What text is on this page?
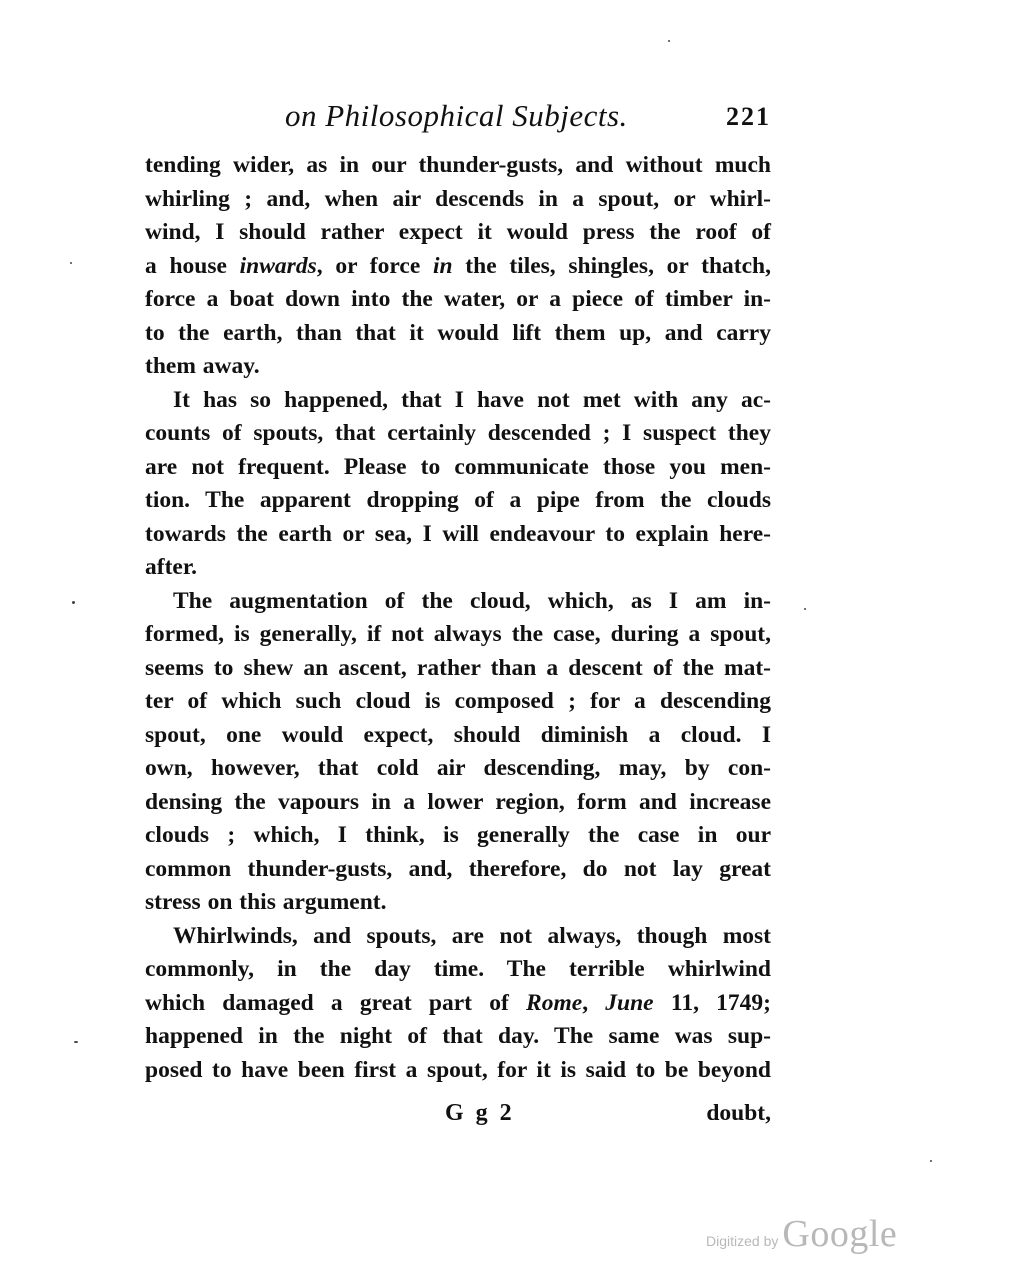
on Philosophical Subjects.	221
tending wider, as in our thunder-gusts, and without much
whirling ; and, when air descends in a spout, or whirl-
wind, I should rather expect it would press the roof of
a house inwards, or force in the tiles, shingles, or thatch,
force a boat down into the water, or a piece of timber in-
to the earth, than that it would lift them up, and carry
them away.
It has so happened, that I have not met with any ac-
counts of spouts, that certainly descended ; I suspect they
are not frequent. Please to communicate those you men-
tion. The apparent dropping of a pipe from the clouds
towards the earth or sea, I will endeavour to explain here-
after.
The augmentation of the cloud, which, as I am in-
formed, is generally, if not always the case, during a spout,
seems to shew an ascent, rather than a descent of the mat-
ter of which such cloud is composed ; for a descending
spout, one would expect, should diminish a cloud. I
own, however, that cold air descending, may, by con-
densing the vapours in a lower region, form and increase
clouds ; which, I think, is generally the case in our
common thunder-gusts, and, therefore, do not lay great
stress on this argument.
Whirlwinds, and spouts, are not always, though most
commonly, in the day time. The terrible whirlwind
which damaged a great part of Rome, June 11, 1749;
happened in the night of that day. The same was sup-
posed to have been first a spout, for it is said to be beyond
G g 2	doubt,
Digitized by Google
